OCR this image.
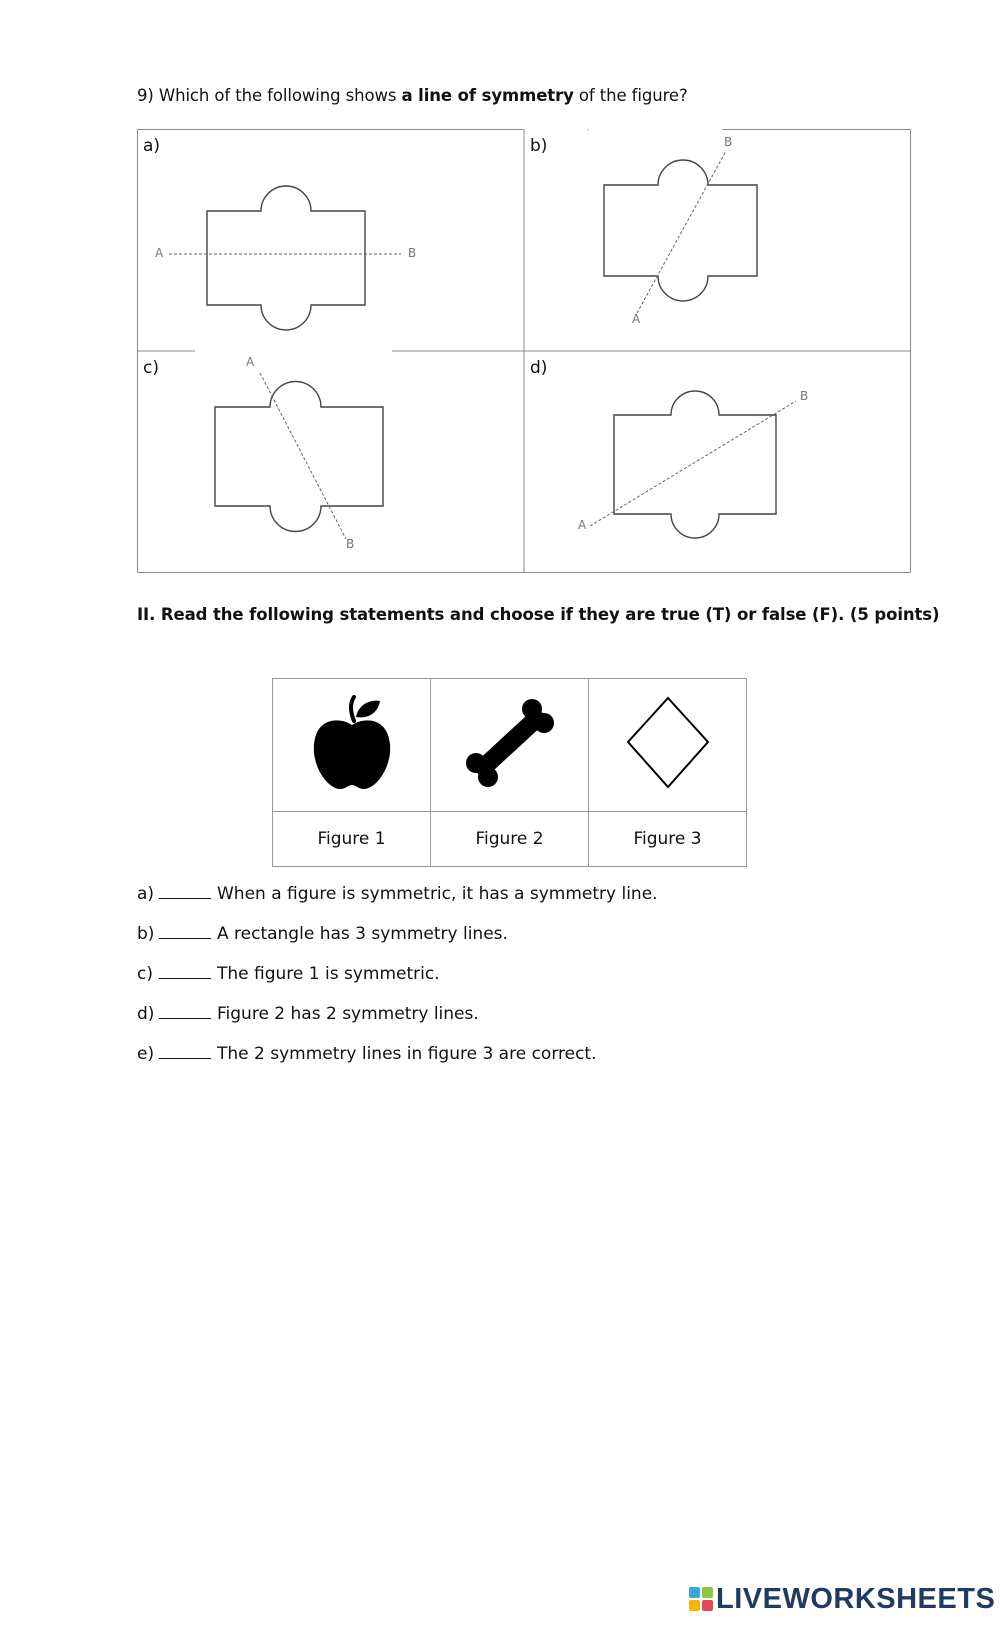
9) Which of the following shows a line of symmetry of the figure?
a)
A	B
b)	B
A
c)	A
B
d)
B
A
II. Read the following statements and choose if they are true (T) or false (F). (5 points)

Figure 1	Figure 2	Figure 3
a)	When a figure is symmetric, it has a symmetry line.
b)	A rectangle has 3 symmetry lines.
c)	The figure 1 is symmetric.
d)	Figure 2 has 2 symmetry lines.
e)	The 2 symmetry lines in figure 3 are correct.
LIVEWORKSHEETS
